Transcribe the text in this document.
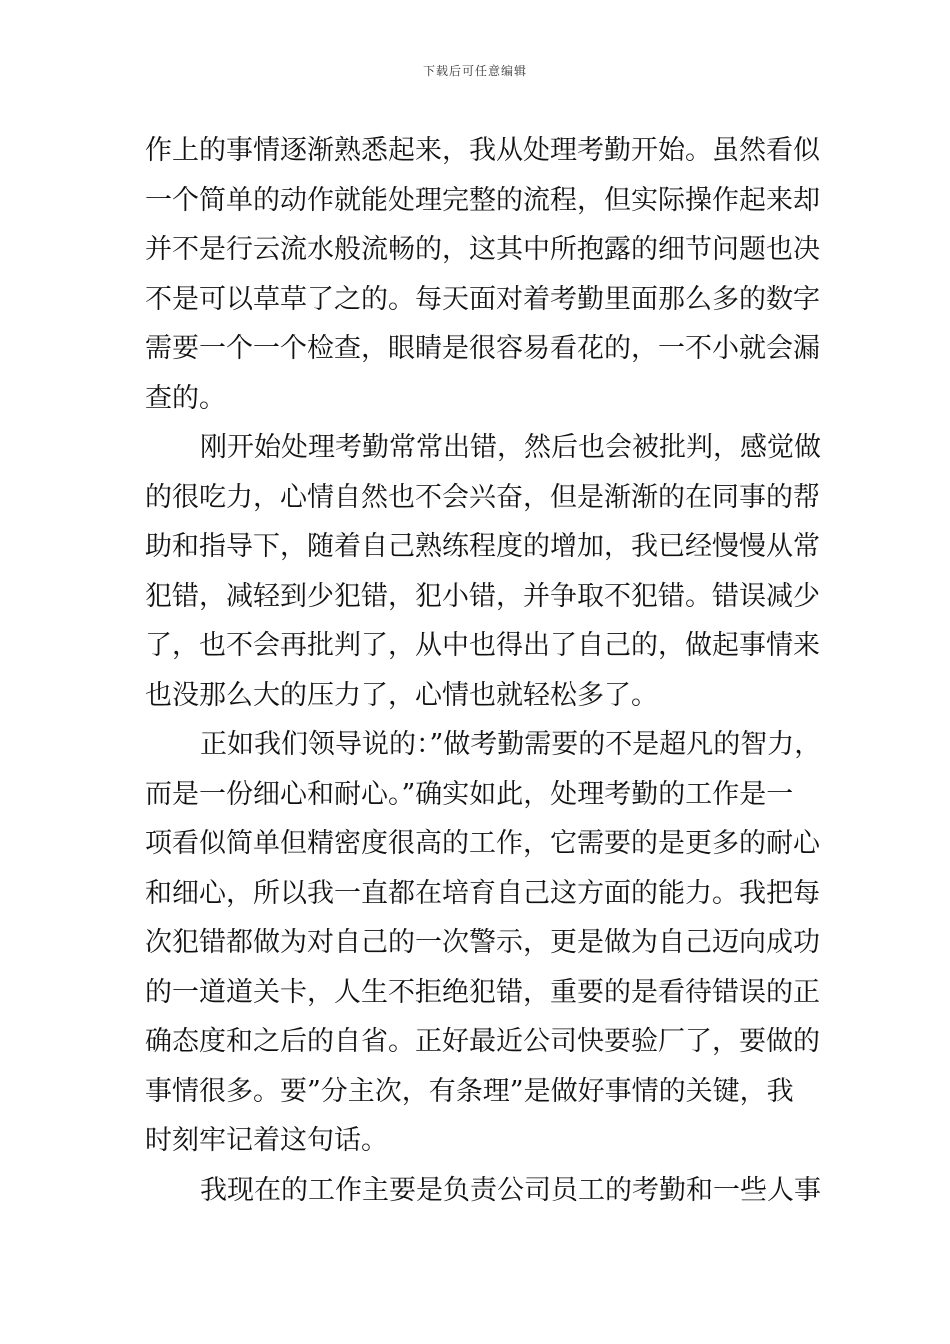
下载后可任意编辑
作上的事情逐渐熟悉起来，我从处理考勤开始。虽然看似
一个简单的动作就能处理完整的流程，但实际操作起来却
并不是行云流水般流畅的，这其中所抱露的细节问题也决
不是可以草草了之的。每天面对着考勤里面那么多的数字
需要一个一个检查，眼睛是很容易看花的，一不小就会漏
查的。
刚开始处理考勤常常出错，然后也会被批判，感觉做
的很吃力，心情自然也不会兴奋，但是渐渐的在同事的帮
助和指导下，随着自己熟练程度的增加，我已经慢慢从常
犯错，减轻到少犯错，犯小错，并争取不犯错。错误减少
了，也不会再批判了，从中也得出了自己的，做起事情来
也没那么大的压力了，心情也就轻松多了。
正如我们领导说的：”做考勤需要的不是超凡的智力，
而是一份细心和耐心。”确实如此，处理考勤的工作是一
项看似简单但精密度很高的工作，它需要的是更多的耐心
和细心，所以我一直都在培育自己这方面的能力。我把每
次犯错都做为对自己的一次警示，更是做为自己迈向成功
的一道道关卡，人生不拒绝犯错，重要的是看待错误的正
确态度和之后的自省。正好最近公司快要验厂了，要做的
事情很多。要”分主次，有条理”是做好事情的关键，我
时刻牢记着这句话。
我现在的工作主要是负责公司员工的考勤和一些人事
